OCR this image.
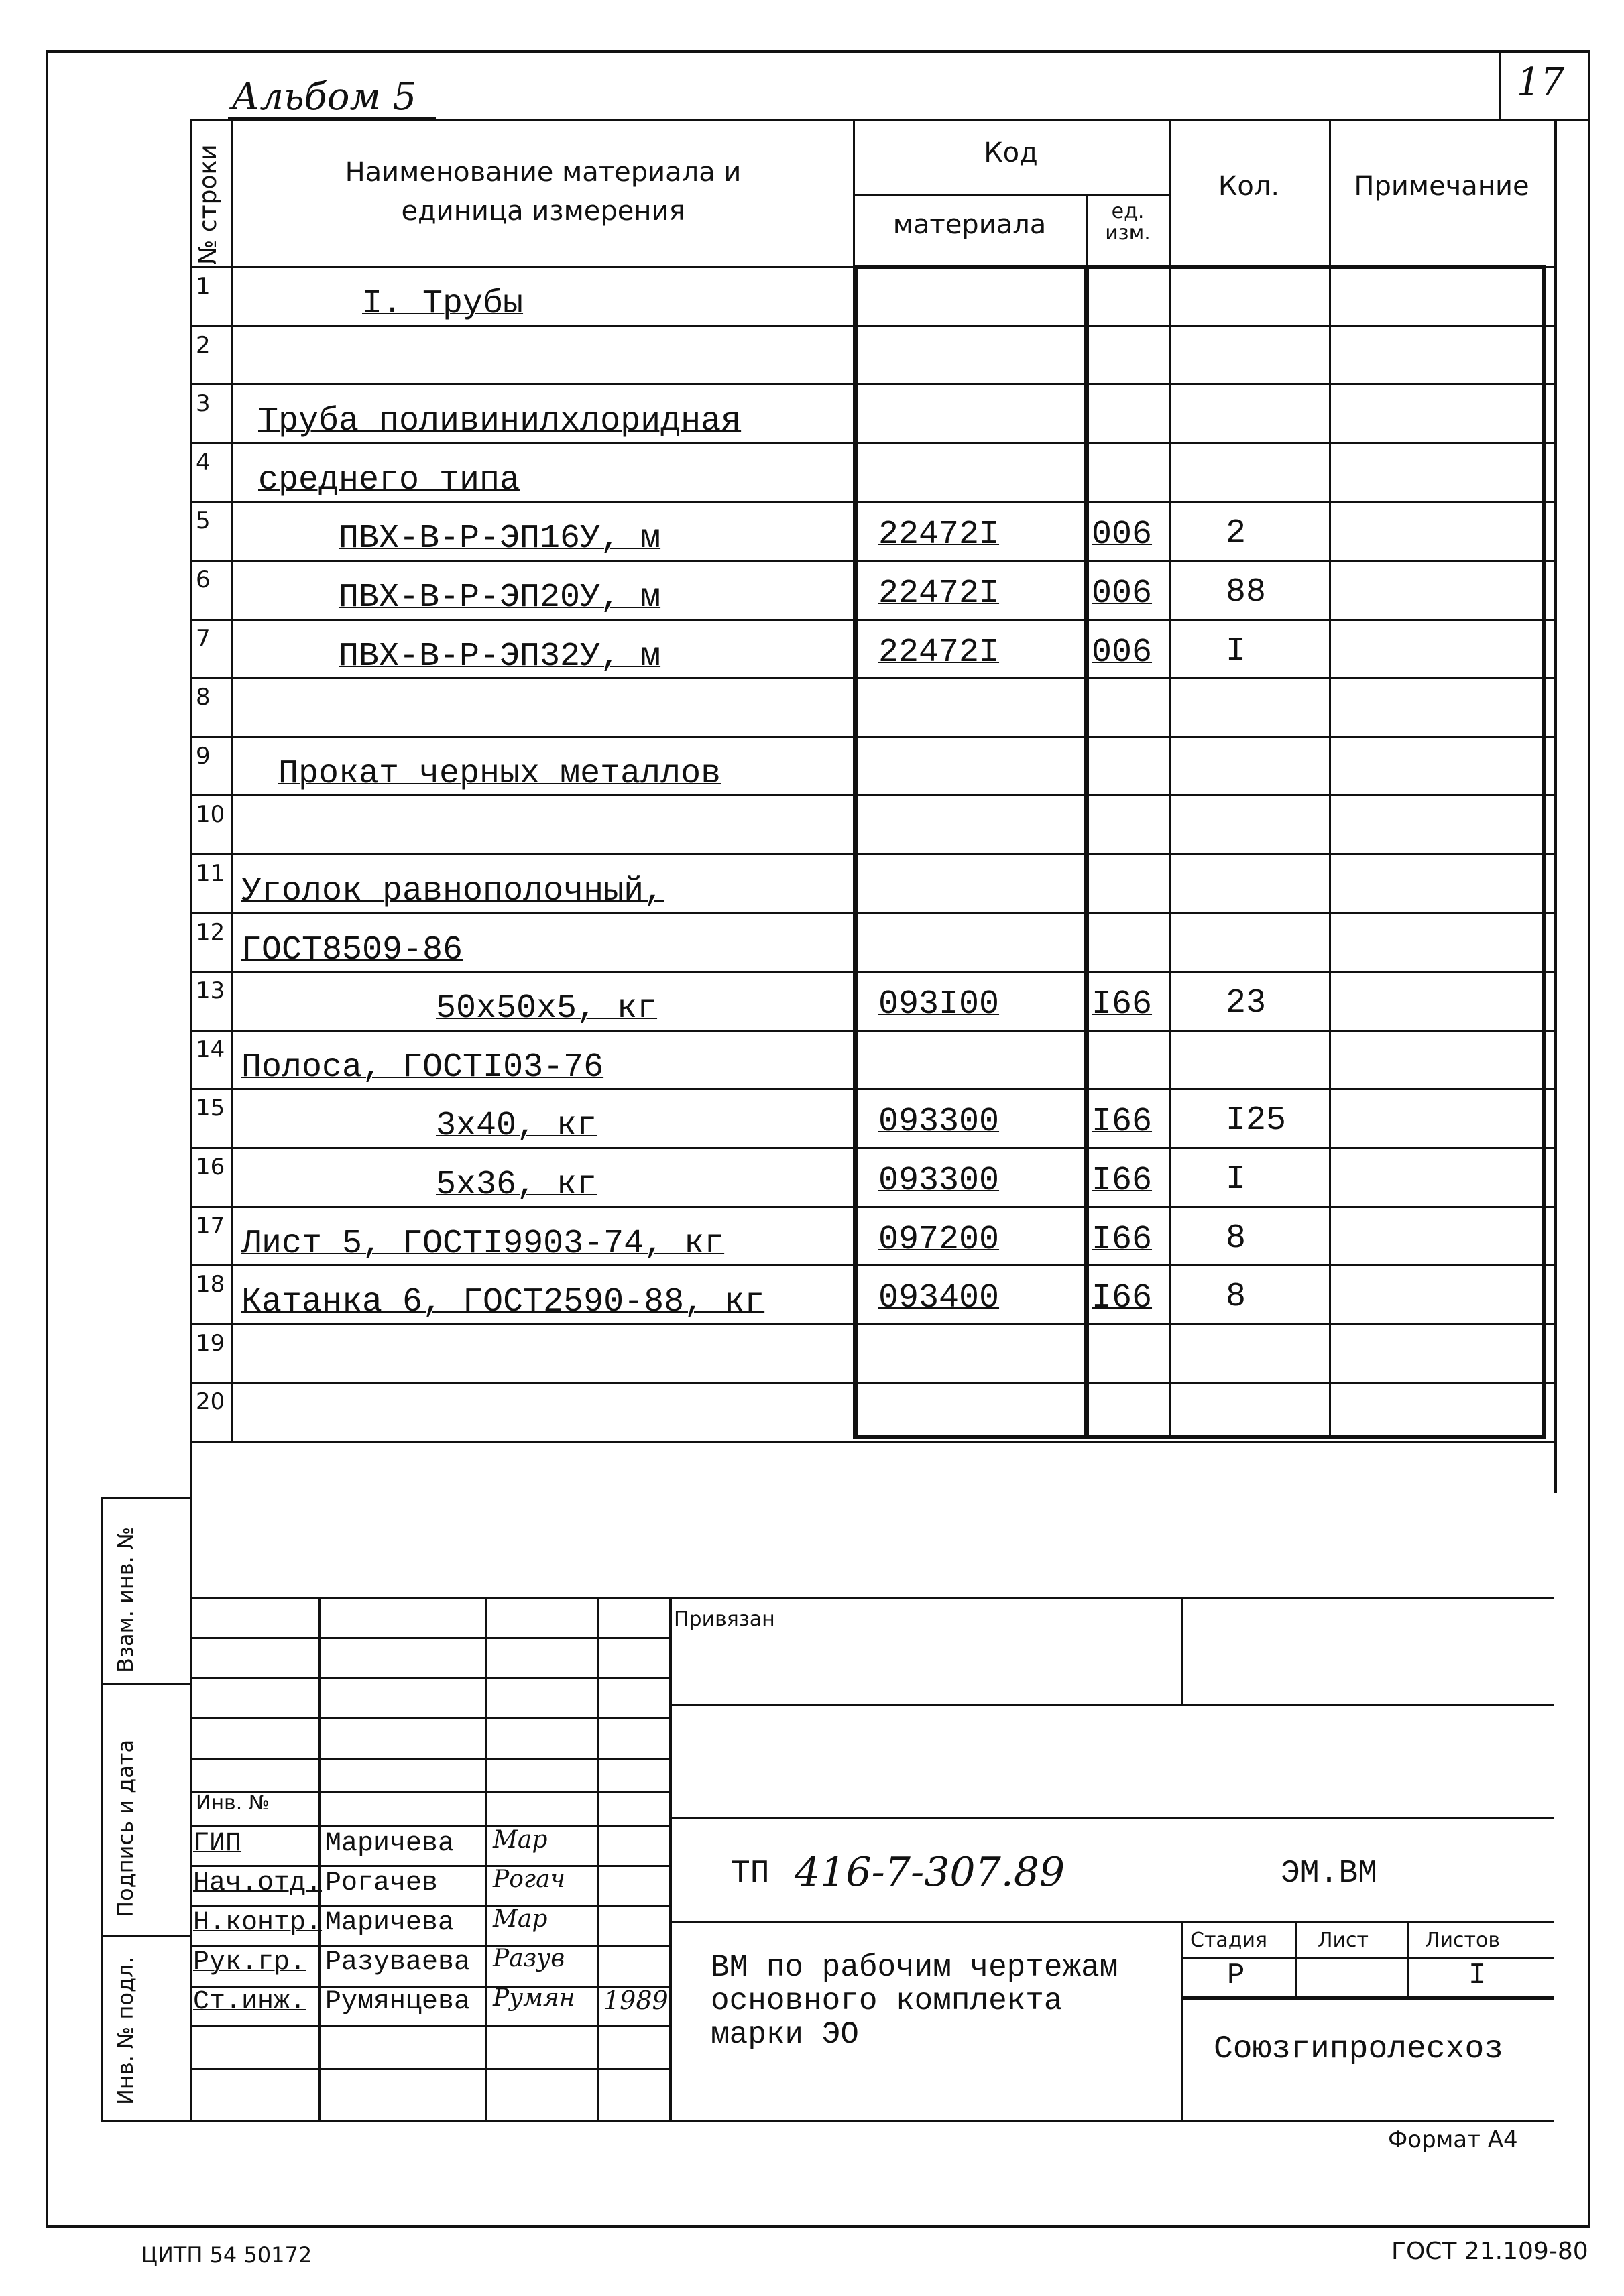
17
Альбом 5
№ строки	Наименование материала и единица измерения
Код
материала	ед. изм.
Кол.	Примечание
1	I. Трубы
2
3 Труба поливинилхлоридная
4 среднего типа
5	ПВХ-В-Р-ЭП16У, м	22472I	006 2
6	ПВХ-В-Р-ЭП20У, м	22472I	006 88
7	ПВХ-В-Р-ЭП32У, м	22472I	006 I
8
9 Прокат черных металлов
10
11 Уголок равнополочный,
12 ГОСТ8509-86
13	50х50х5, кг	093I00	I66 23
14 Полоса, ГОСТI03-76
15	3х40, кг	093300	I66 I25
16	5х36, кг	093300	I66 I
17 Лист 5, ГОСТI9903-74, кг	097200	I66 8
18 Катанка 6, ГОСТ2590-88, кг	093400	I66 8
19
20
Взам. инв. №
Подпись и дата
Инв. № подл.
Привязан
Инв. №
ТП 416-7-307.89	ЭМ.ВМ
Стадия Лист	Листов
Р	I
Союзгипролесхоз
ВМ по рабочим чертежам
основного комплекта
марки ЭО
ГИП	Маричева Мар
Нач.отд. Рогачев Рогач
Н.контр. Маричева Мар
Рук.гр. Разуваева Разув
Ст.инж. Румянцева Румян 1989
Формат А4
ЦИТП 54 50172	ГОСТ 21.109-80
